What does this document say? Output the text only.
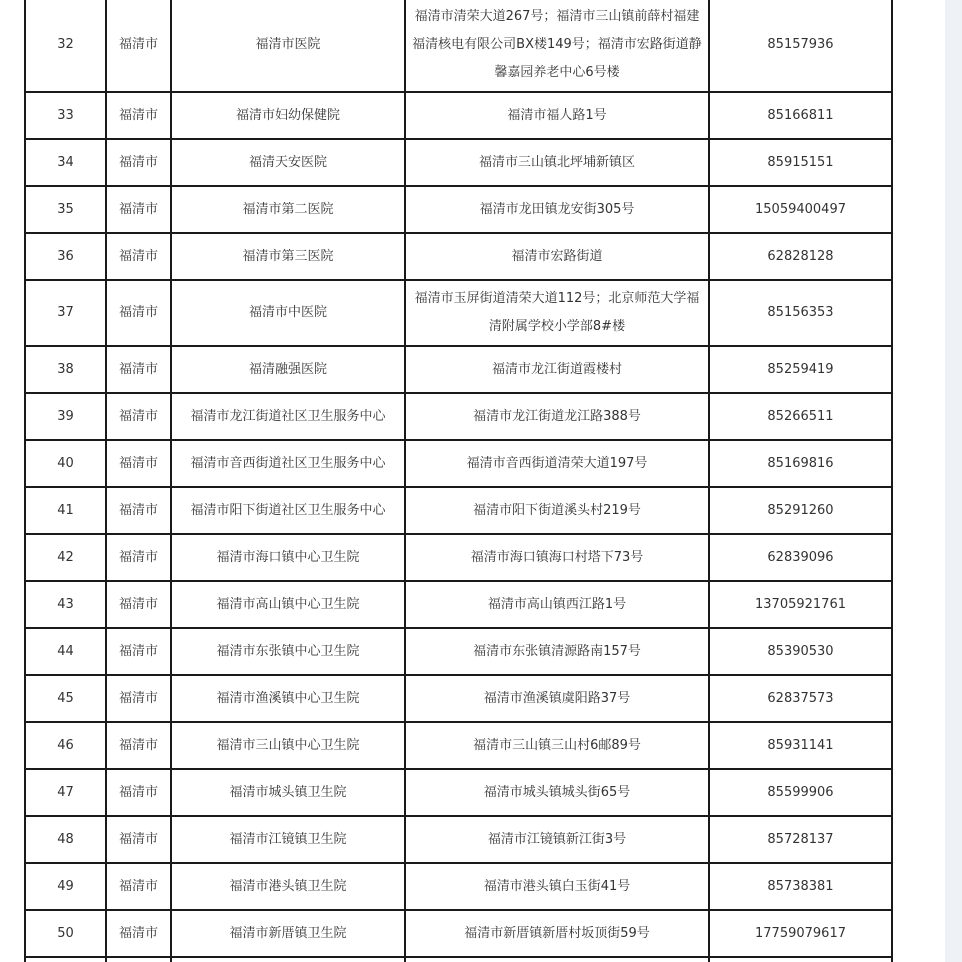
32	福清市	福清市医院	福清市清荣大道267号；福清市三山镇前薛村福建福清核电有限公司BX楼149号；福清市宏路街道静馨嘉园养老中心6号楼	85157936
33	福清市	福清市妇幼保健院	福清市福人路1号	85166811
34	福清市	福清天安医院	福清市三山镇北坪埔新镇区	85915151
35	福清市	福清市第二医院	福清市龙田镇龙安街305号	15059400497
36	福清市	福清市第三医院	福清市宏路街道	62828128
37	福清市	福清市中医院	福清市玉屏街道清荣大道112号；北京师范大学福清附属学校小学部8#楼	85156353
38	福清市	福清融强医院	福清市龙江街道霞楼村	85259419
39	福清市	福清市龙江街道社区卫生服务中心	福清市龙江街道龙江路388号	85266511
40	福清市	福清市音西街道社区卫生服务中心	福清市音西街道清荣大道197号	85169816
41	福清市	福清市阳下街道社区卫生服务中心	福清市阳下街道溪头村219号	85291260
42	福清市	福清市海口镇中心卫生院	福清市海口镇海口村塔下73号	62839096
43	福清市	福清市高山镇中心卫生院	福清市高山镇西江路1号	13705921761
44	福清市	福清市东张镇中心卫生院	福清市东张镇清源路南157号	85390530
45	福清市	福清市渔溪镇中心卫生院	福清市渔溪镇虞阳路37号	62837573
46	福清市	福清市三山镇中心卫生院	福清市三山镇三山村6邮89号	85931141
47	福清市	福清市城头镇卫生院	福清市城头镇城头街65号	85599906
48	福清市	福清市江镜镇卫生院	福清市江镜镇新江街3号	85728137
49	福清市	福清市港头镇卫生院	福清市港头镇白玉街41号	85738381
50	福清市	福清市新厝镇卫生院	福清市新厝镇新厝村坂顶街59号	17759079617
